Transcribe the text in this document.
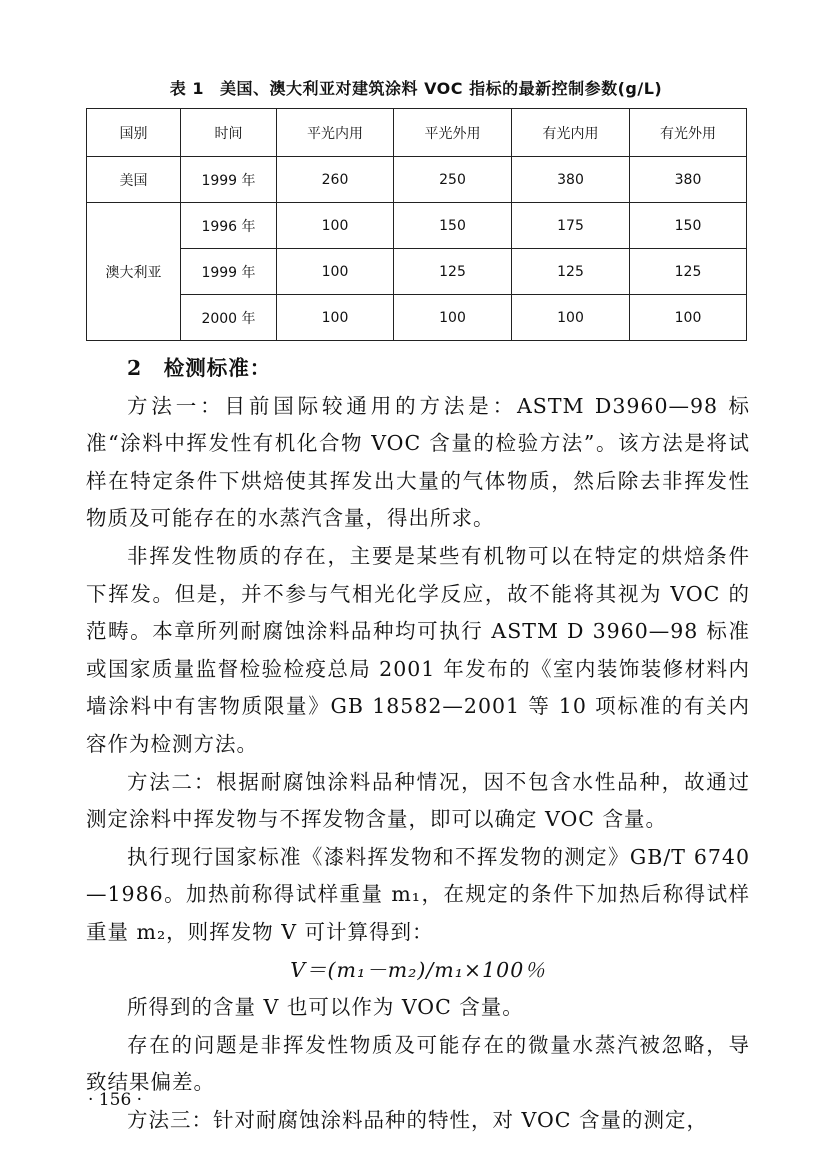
表 1 美国、澳大利亚对建筑涂料 VOC 指标的最新控制参数(g/L)
国别	时间	平光内用	平光外用	有光内用	有光外用
美国	1999 年	260	250	380	380
澳大利亚	1996 年	100	150	175	150
	1999 年	100	125	125	125
	2000 年	100	100	100	100

2　检测标准：

方法一：目前国际较通用的方法是：ASTM D3960—98 标准“涂料中挥发性有机化合物 VOC 含量的检验方法”。该方法是将试样在特定条件下烘焙使其挥发出大量的气体物质，然后除去非挥发性物质及可能存在的水蒸汽含量，得出所求。

非挥发性物质的存在，主要是某些有机物可以在特定的烘焙条件下挥发。但是，并不参与气相光化学反应，故不能将其视为 VOC 的范畴。本章所列耐腐蚀涂料品种均可执行 ASTM D 3960—98 标准或国家质量监督检验检疫总局 2001 年发布的《室内装饰装修材料内墙涂料中有害物质限量》GB 18582—2001 等 10 项标准的有关内容作为检测方法。

方法二：根据耐腐蚀涂料品种情况，因不包含水性品种，故通过测定涂料中挥发物与不挥发物含量，即可以确定 VOC 含量。

执行现行国家标准《漆料挥发物和不挥发物的测定》GB/T 6740—1986。加热前称得试样重量 m₁，在规定的条件下加热后称得试样重量 m₂，则挥发物 V 可计算得到：

V＝(m₁－m₂)/m₁×100％

所得到的含量 V 也可以作为 VOC 含量。

存在的问题是非挥发性物质及可能存在的微量水蒸汽被忽略，导致结果偏差。

方法三：针对耐腐蚀涂料品种的特性，对 VOC 含量的测定，

· 156 ·
